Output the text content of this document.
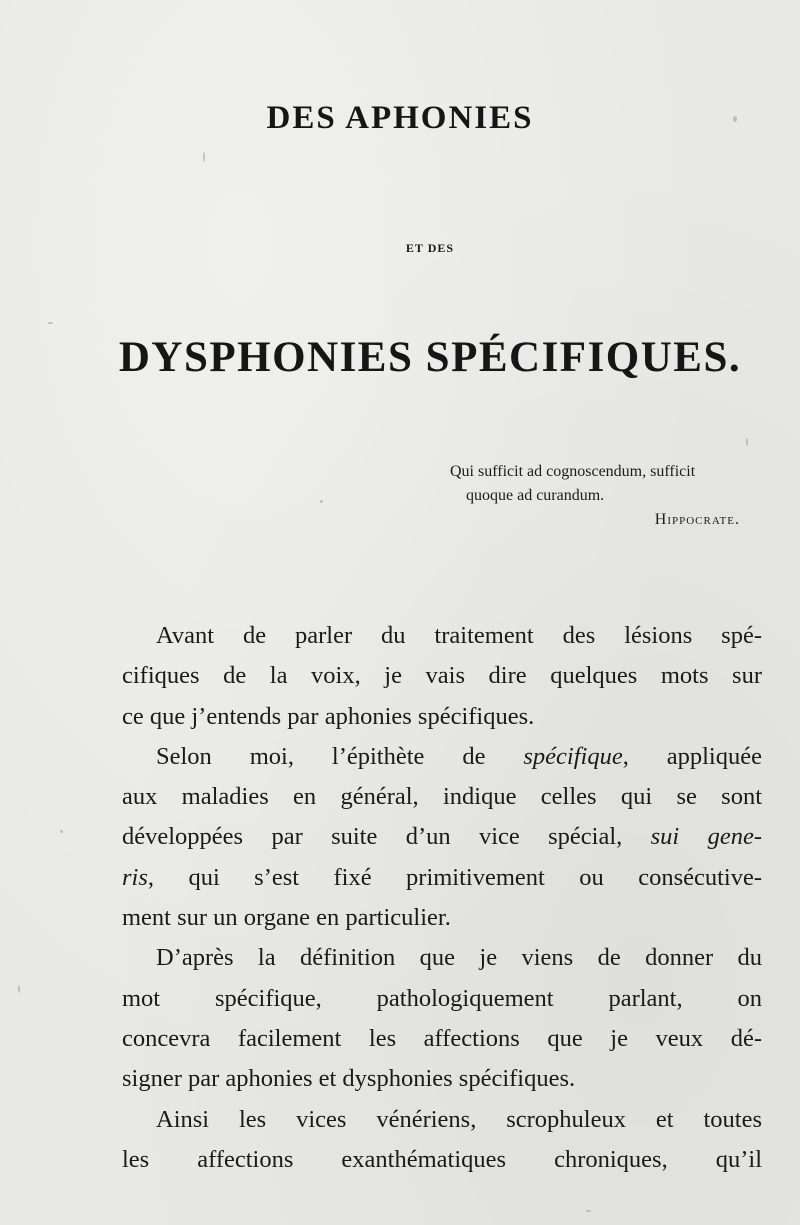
DES APHONIES
ET DES
DYSPHONIES SPÉCIFIQUES.
Qui sufficit ad cognoscendum, sufficit
quoque ad curandum.
Hippocrate.
Avant de parler du traitement des lésions spé-
cifiques de la voix, je vais dire quelques mots sur
ce que j’entends par aphonies spécifiques.
Selon moi, l’épithète de spécifique, appliquée
aux maladies en général, indique celles qui se sont
développées par suite d’un vice spécial, sui gene-
ris, qui s’est fixé primitivement ou consécutive-
ment sur un organe en particulier.
D’après la définition que je viens de donner du
mot spécifique, pathologiquement parlant, on
concevra facilement les affections que je veux dé-
signer par aphonies et dysphonies spécifiques.
Ainsi les vices vénériens, scrophuleux et toutes
les affections exanthématiques chroniques, qu’il
